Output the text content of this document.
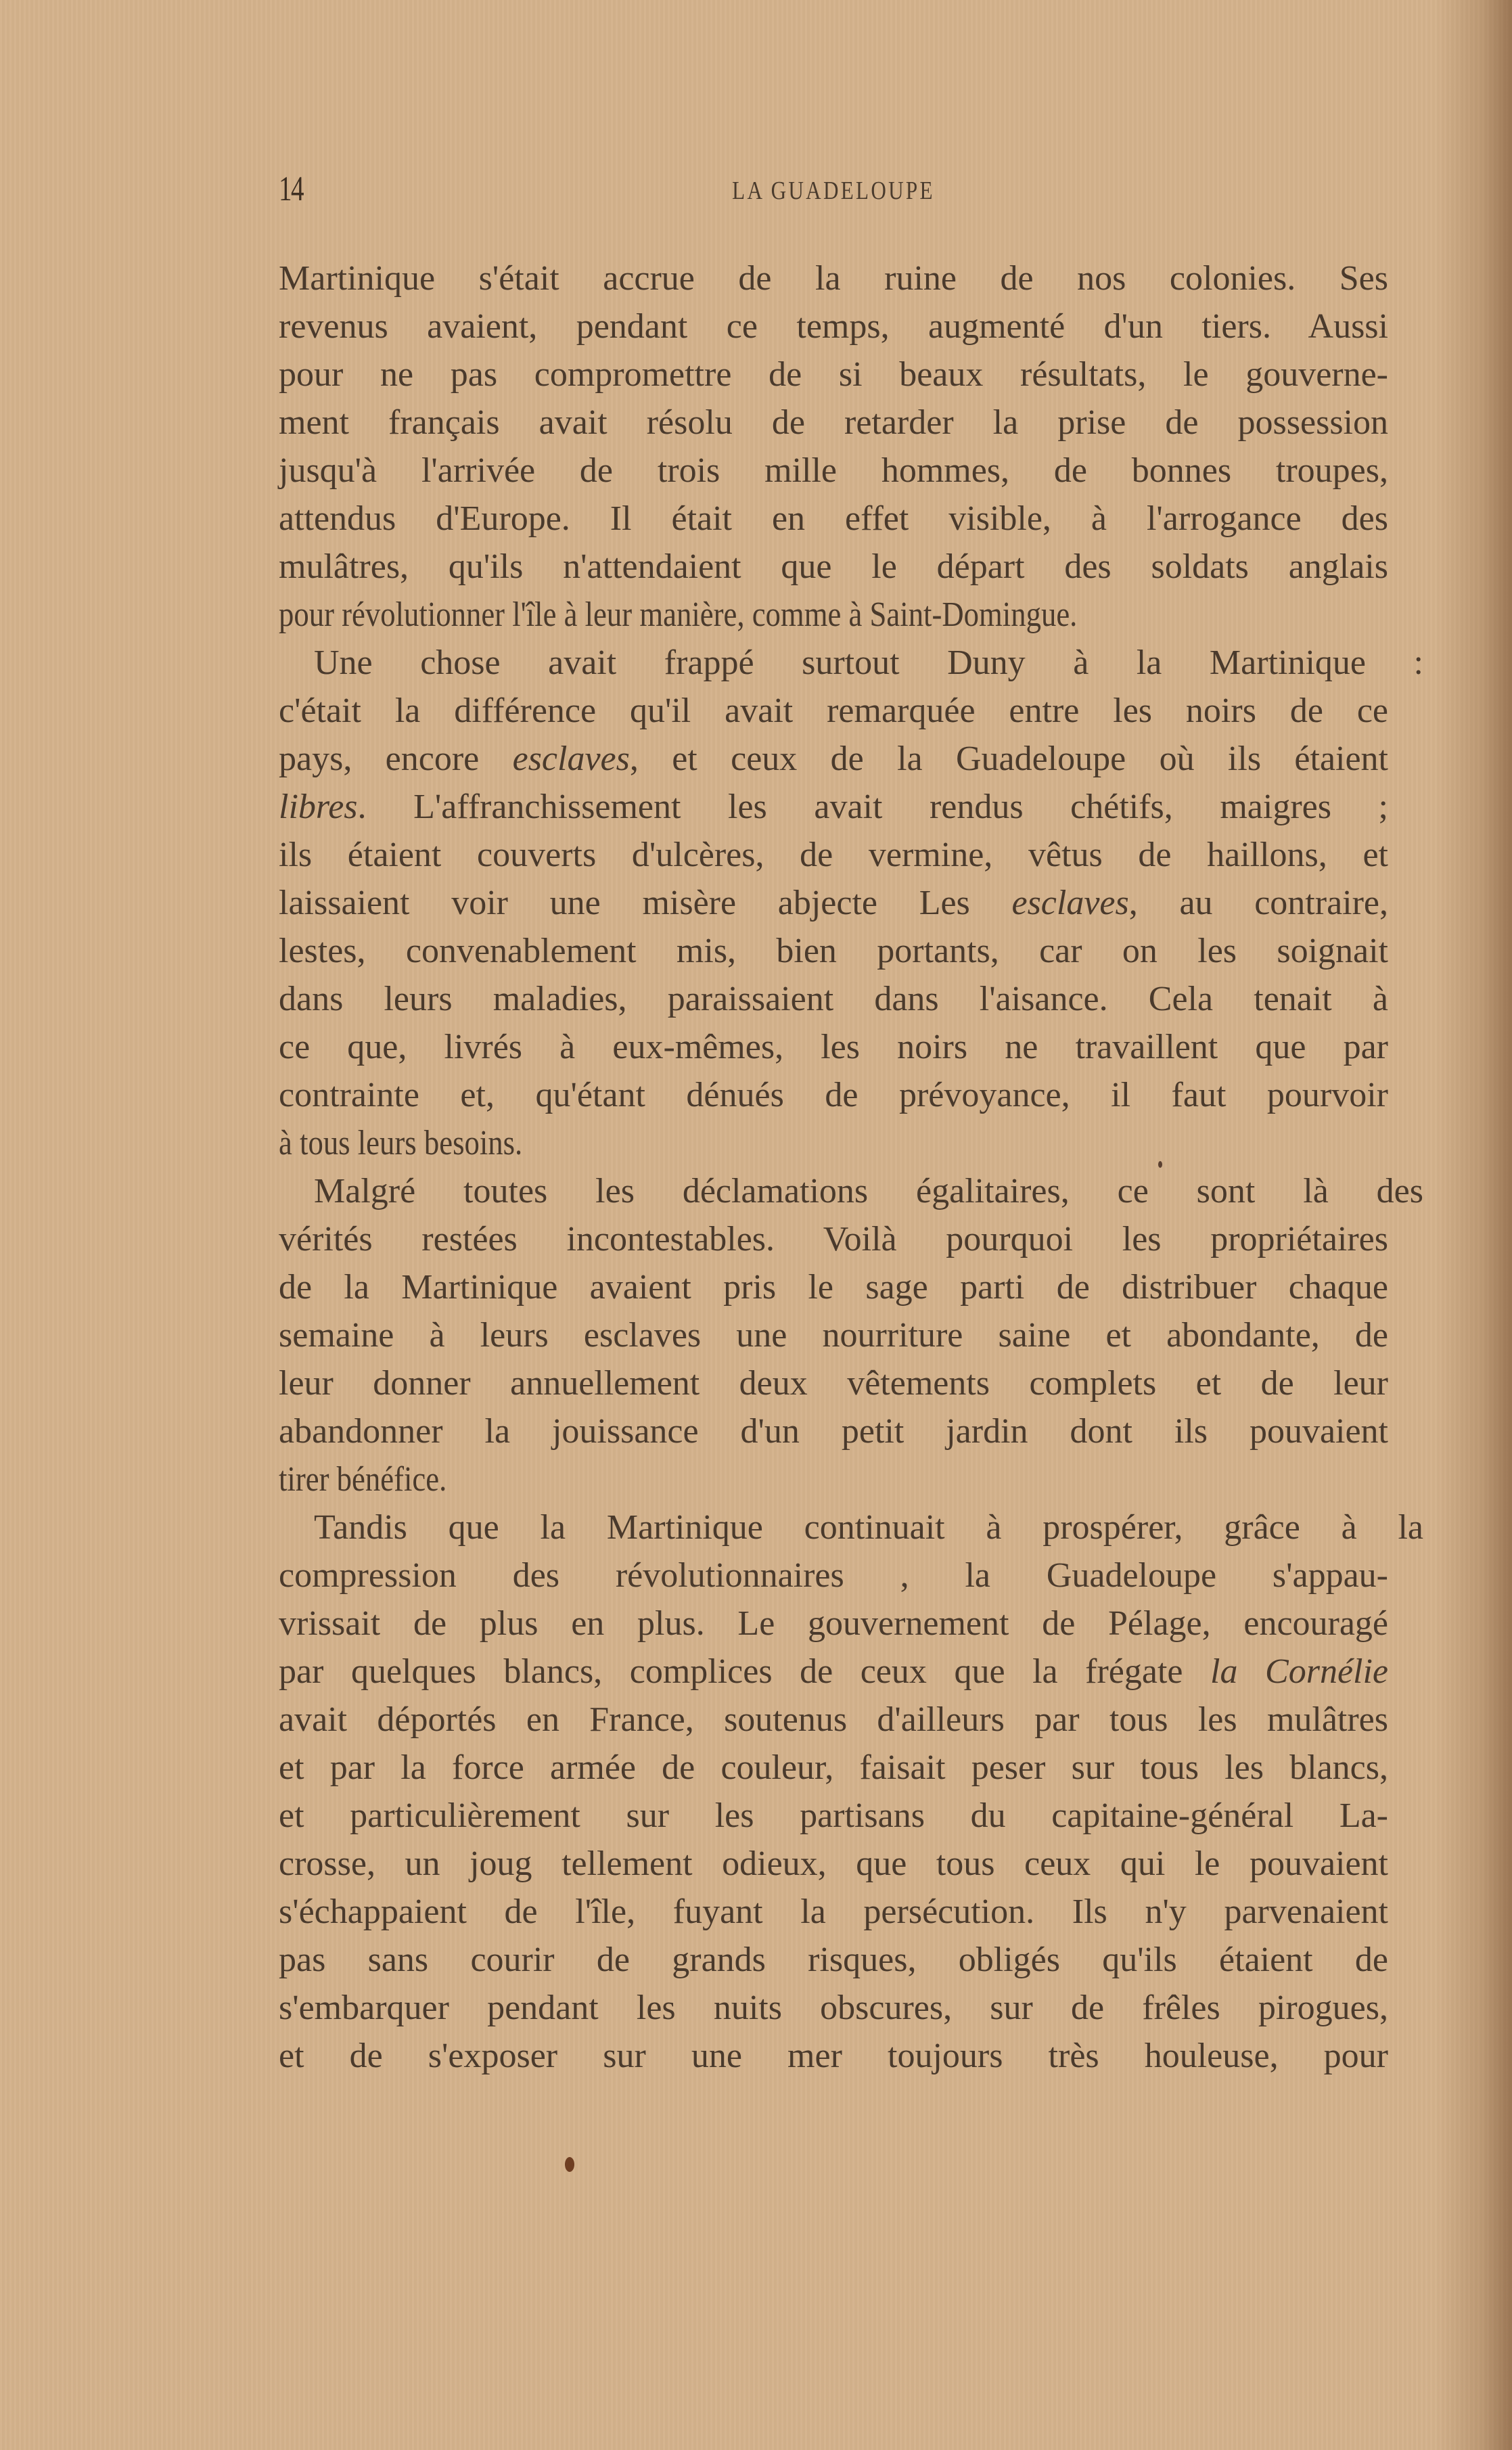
14	LA GUADELOUPE
Martinique s'était accrue de la ruine de nos colonies. Ses
revenus avaient, pendant ce temps, augmenté d'un tiers. Aussi
pour ne pas compromettre de si beaux résultats, le gouverne-
ment français avait résolu de retarder la prise de possession
jusqu'à l'arrivée de trois mille hommes, de bonnes troupes,
attendus d'Europe. Il était en effet visible, à l'arrogance des
mulâtres, qu'ils n'attendaient que le départ des soldats anglais
pour révolutionner l'île à leur manière, comme à Saint-Domingue.
Une chose avait frappé surtout Duny à la Martinique :
c'était la différence qu'il avait remarquée entre les noirs de ce
pays, encore esclaves, et ceux de la Guadeloupe où ils étaient
libres. L'affranchissement les avait rendus chétifs, maigres ;
ils étaient couverts d'ulcères, de vermine, vêtus de haillons, et
laissaient voir une misère abjecte Les esclaves, au contraire,
lestes, convenablement mis, bien portants, car on les soignait
dans leurs maladies, paraissaient dans l'aisance. Cela tenait à
ce que, livrés à eux-mêmes, les noirs ne travaillent que par
contrainte et, qu'étant dénués de prévoyance, il faut pourvoir
à tous leurs besoins.
Malgré toutes les déclamations égalitaires, ce sont là des
vérités restées incontestables. Voilà pourquoi les propriétaires
de la Martinique avaient pris le sage parti de distribuer chaque
semaine à leurs esclaves une nourriture saine et abondante, de
leur donner annuellement deux vêtements complets et de leur
abandonner la jouissance d'un petit jardin dont ils pouvaient
tirer bénéfice.
Tandis que la Martinique continuait à prospérer, grâce à la
compression des révolutionnaires , la Guadeloupe s'appau-
vrissait de plus en plus. Le gouvernement de Pélage, encouragé
par quelques blancs, complices de ceux que la frégate la Cornélie
avait déportés en France, soutenus d'ailleurs par tous les mulâtres
et par la force armée de couleur, faisait peser sur tous les blancs,
et particulièrement sur les partisans du capitaine-général La-
crosse, un joug tellement odieux, que tous ceux qui le pouvaient
s'échappaient de l'île, fuyant la persécution. Ils n'y parvenaient
pas sans courir de grands risques, obligés qu'ils étaient de
s'embarquer pendant les nuits obscures, sur de frêles pirogues,
et de s'exposer sur une mer toujours très houleuse, pour
